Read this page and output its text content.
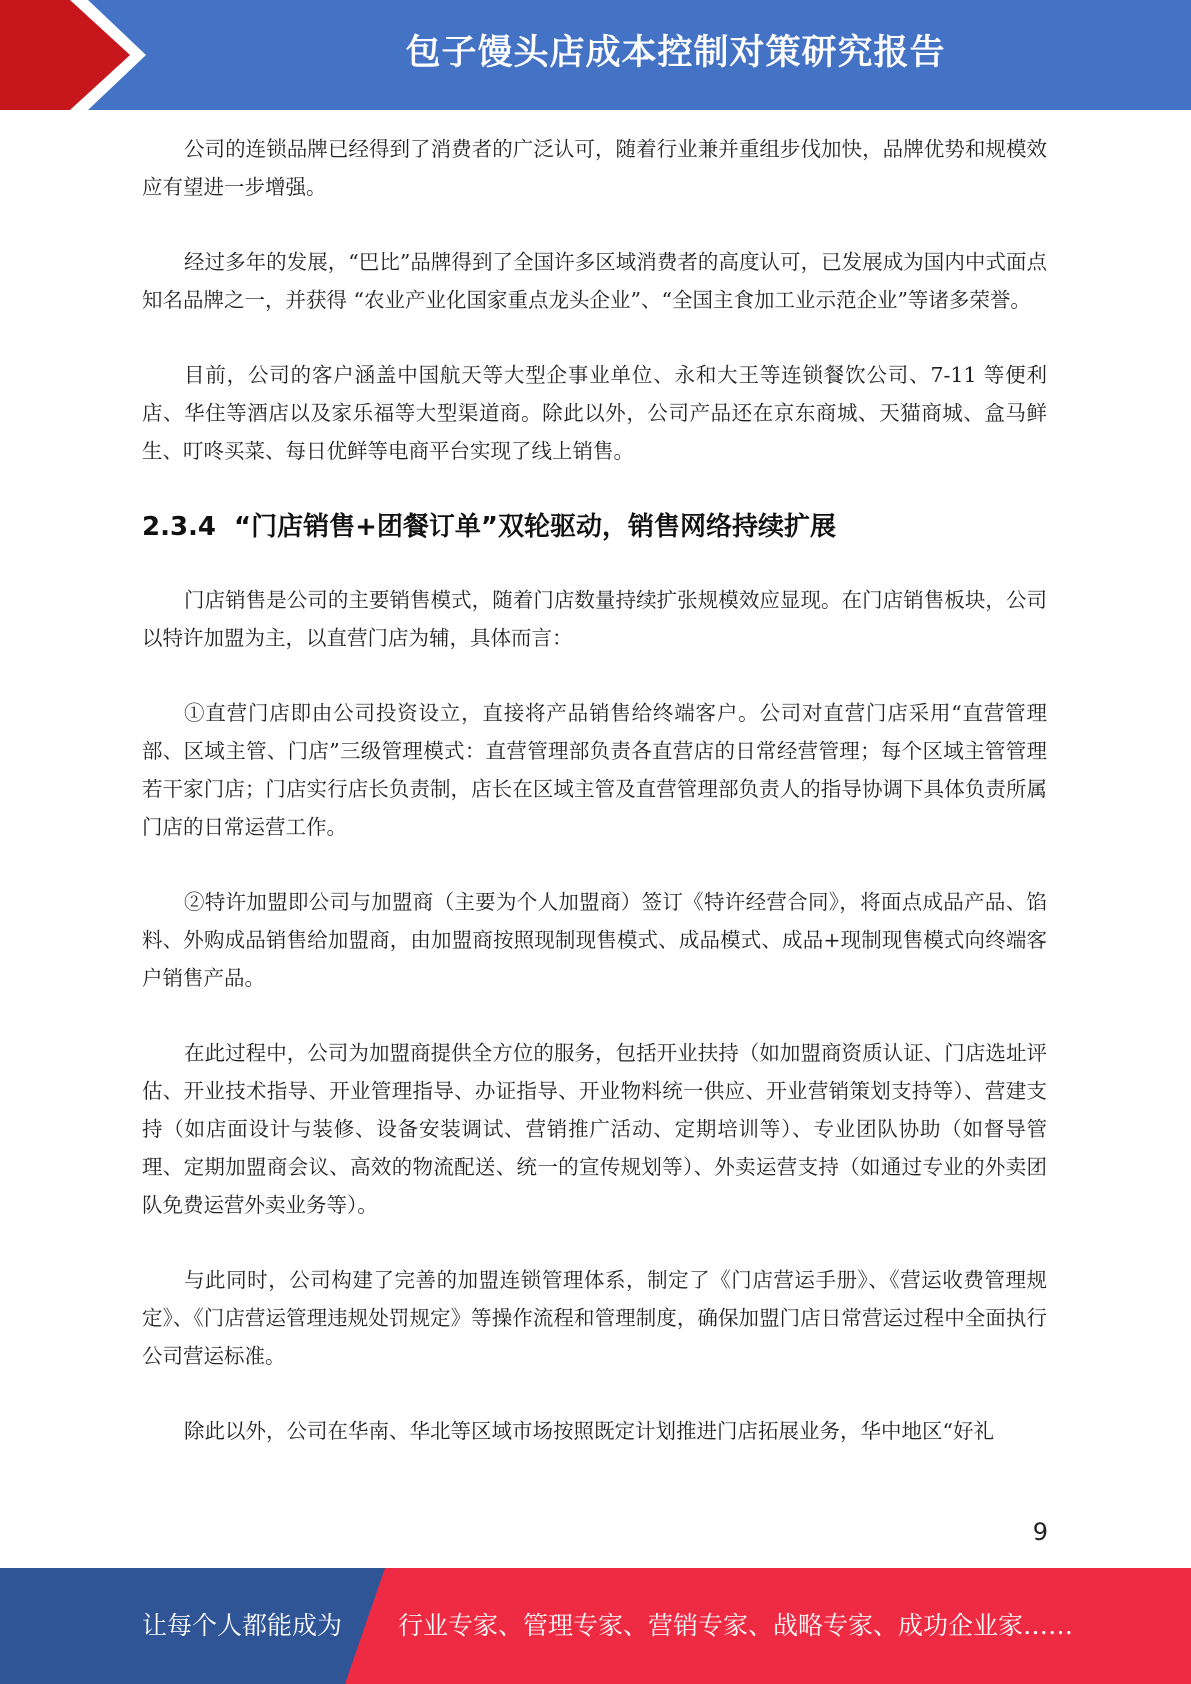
包子馒头店成本控制对策研究报告

公司的连锁品牌已经得到了消费者的广泛认可，随着行业兼并重组步伐加快，品牌优势和规模效应有望进一步增强。

经过多年的发展，“巴比”品牌得到了全国许多区域消费者的高度认可，已发展成为国内中式面点知名品牌之一，并获得 “农业产业化国家重点龙头企业”、“全国主食加工业示范企业”等诸多荣誉。

目前，公司的客户涵盖中国航天等大型企事业单位、永和大王等连锁餐饮公司、7-11 等便利店、华住等酒店以及家乐福等大型渠道商。除此以外，公司产品还在京东商城、天猫商城、盒马鲜生、叮咚买菜、每日优鲜等电商平台实现了线上销售。

2.3.4 “门店销售+团餐订单”双轮驱动，销售网络持续扩展

门店销售是公司的主要销售模式，随着门店数量持续扩张规模效应显现。在门店销售板块，公司以特许加盟为主，以直营门店为辅，具体而言：

①直营门店即由公司投资设立，直接将产品销售给终端客户。公司对直营门店采用“直营管理部、区域主管、门店”三级管理模式：直营管理部负责各直营店的日常经营管理；每个区域主管管理若干家门店；门店实行店长负责制，店长在区域主管及直营管理部负责人的指导协调下具体负责所属门店的日常运营工作。

②特许加盟即公司与加盟商（主要为个人加盟商）签订《特许经营合同》，将面点成品产品、馅料、外购成品销售给加盟商，由加盟商按照现制现售模式、成品模式、成品+现制现售模式向终端客户销售产品。

在此过程中，公司为加盟商提供全方位的服务，包括开业扶持（如加盟商资质认证、门店选址评估、开业技术指导、开业管理指导、办证指导、开业物料统一供应、开业营销策划支持等）、营建支持（如店面设计与装修、设备安装调试、营销推广活动、定期培训等）、专业团队协助（如督导管理、定期加盟商会议、高效的物流配送、统一的宣传规划等）、外卖运营支持（如通过专业的外卖团队免费运营外卖业务等）。

与此同时，公司构建了完善的加盟连锁管理体系，制定了《门店营运手册》、《营运收费管理规定》、《门店营运管理违规处罚规定》等操作流程和管理制度，确保加盟门店日常营运过程中全面执行公司营运标准。

除此以外，公司在华南、华北等区域市场按照既定计划推进门店拓展业务，华中地区“好礼

9
让每个人都能成为 行业专家、管理专家、营销专家、战略专家、成功企业家……
